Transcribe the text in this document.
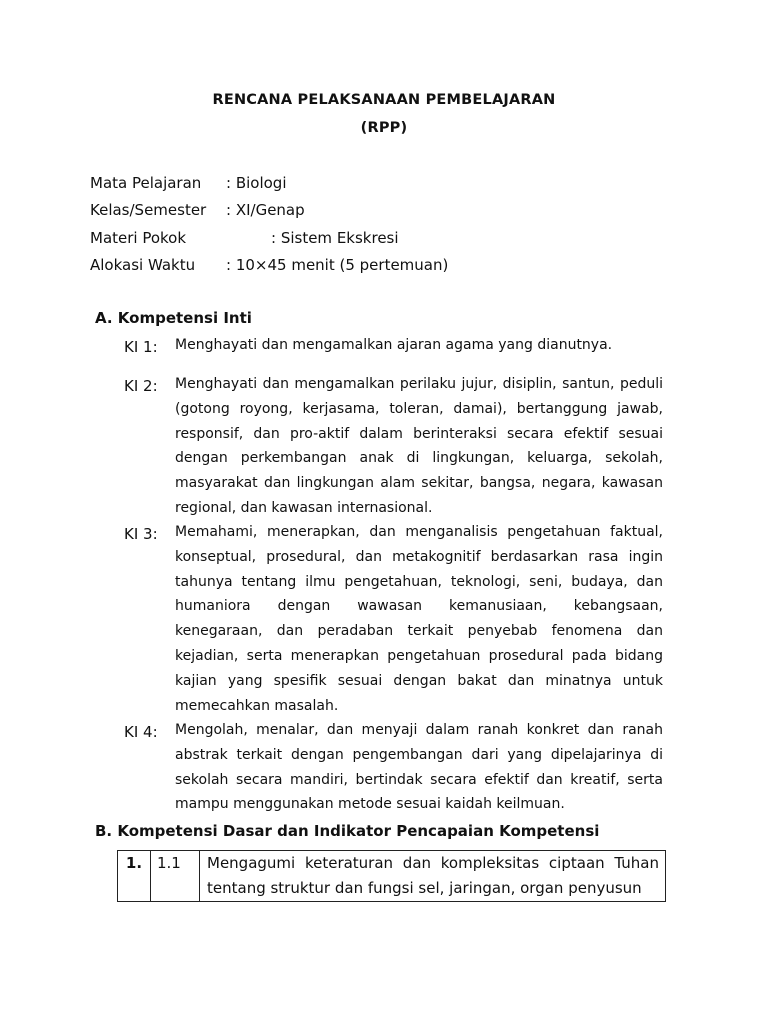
RENCANA PELAKSANAAN PEMBELAJARAN
(RPP)
Mata Pelajaran : Biologi
Kelas/Semester : XI/Genap
Materi Pokok	: Sistem Ekskresi
Alokasi Waktu : 10×45 menit (5 pertemuan)
A. Kompetensi Inti
KI 1: Menghayati dan mengamalkan ajaran agama yang dianutnya.
KI 2: Menghayati dan mengamalkan perilaku jujur, disiplin, santun, peduli (gotong royong, kerjasama, toleran, damai), bertanggung jawab, responsif, dan pro-aktif dalam berinteraksi secara efektif sesuai dengan perkembangan anak di lingkungan, keluarga, sekolah, masyarakat dan lingkungan alam sekitar, bangsa, negara, kawasan regional, dan kawasan internasional.
KI 3: Memahami, menerapkan, dan menganalisis pengetahuan faktual, konseptual, prosedural, dan metakognitif berdasarkan rasa ingin tahunya tentang ilmu pengetahuan, teknologi, seni, budaya, dan humaniora dengan wawasan kemanusiaan, kebangsaan, kenegaraan, dan peradaban terkait penyebab fenomena dan kejadian, serta menerapkan pengetahuan prosedural pada bidang kajian yang spesifik sesuai dengan bakat dan minatnya untuk memecahkan masalah.
KI 4: Mengolah, menalar, dan menyaji dalam ranah konkret dan ranah abstrak terkait dengan pengembangan dari yang dipelajarinya di sekolah secara mandiri, bertindak secara efektif dan kreatif, serta mampu menggunakan metode sesuai kaidah keilmuan.
B. Kompetensi Dasar dan Indikator Pencapaian Kompetensi
1.	1.1	Mengagumi keteraturan dan kompleksitas ciptaan Tuhan tentang struktur dan fungsi sel, jaringan, organ penyusun
